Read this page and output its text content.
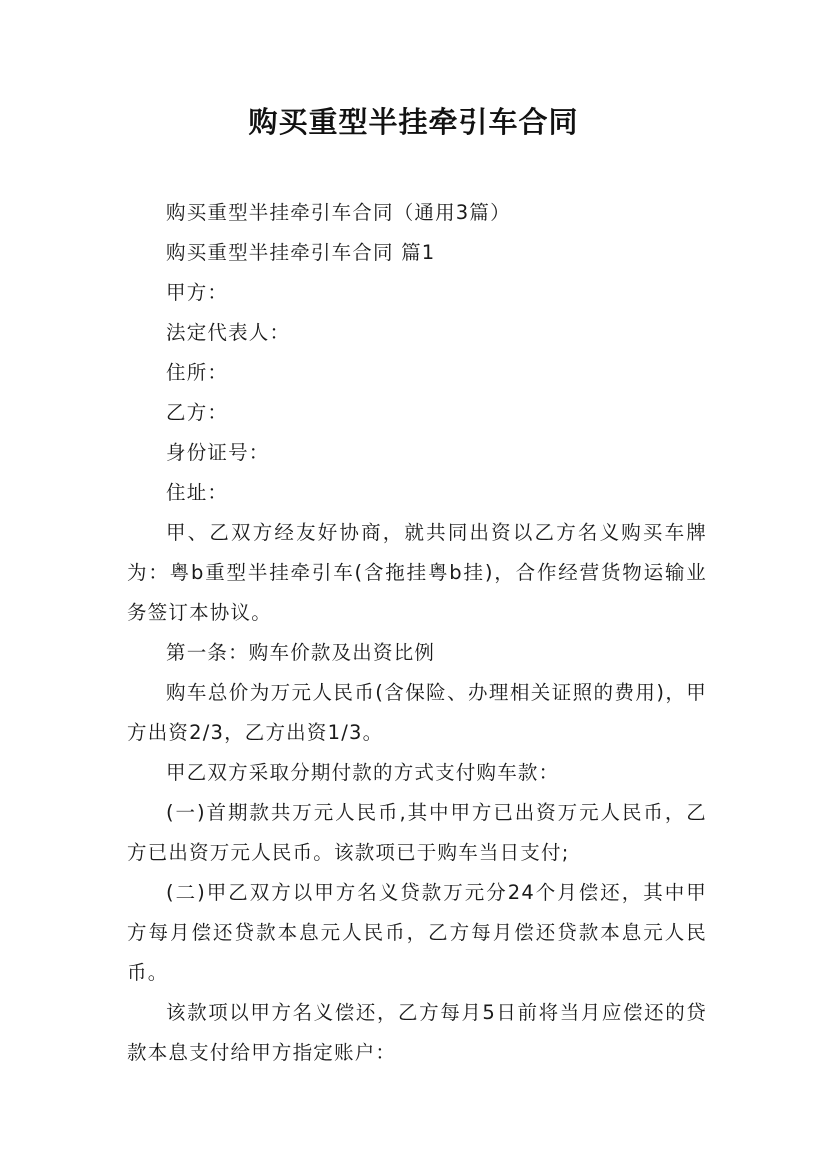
购买重型半挂牵引车合同

购买重型半挂牵引车合同（通用3篇）

购买重型半挂牵引车合同 篇1

甲方：

法定代表人：

住所：

乙方：

身份证号：

住址：

甲、乙双方经友好协商，就共同出资以乙方名义购买车牌为：粤b重型半挂牵引车(含拖挂粤b挂)，合作经营货物运输业务签订本协议。

第一条：购车价款及出资比例

购车总价为万元人民币(含保险、办理相关证照的费用)，甲方出资2/3，乙方出资1/3。

甲乙双方采取分期付款的方式支付购车款：

(一)首期款共万元人民币,其中甲方已出资万元人民币，乙方已出资万元人民币。该款项已于购车当日支付;

(二)甲乙双方以甲方名义贷款万元分24个月偿还，其中甲方每月偿还贷款本息元人民币，乙方每月偿还贷款本息元人民币。

该款项以甲方名义偿还，乙方每月5日前将当月应偿还的贷款本息支付给甲方指定账户：
